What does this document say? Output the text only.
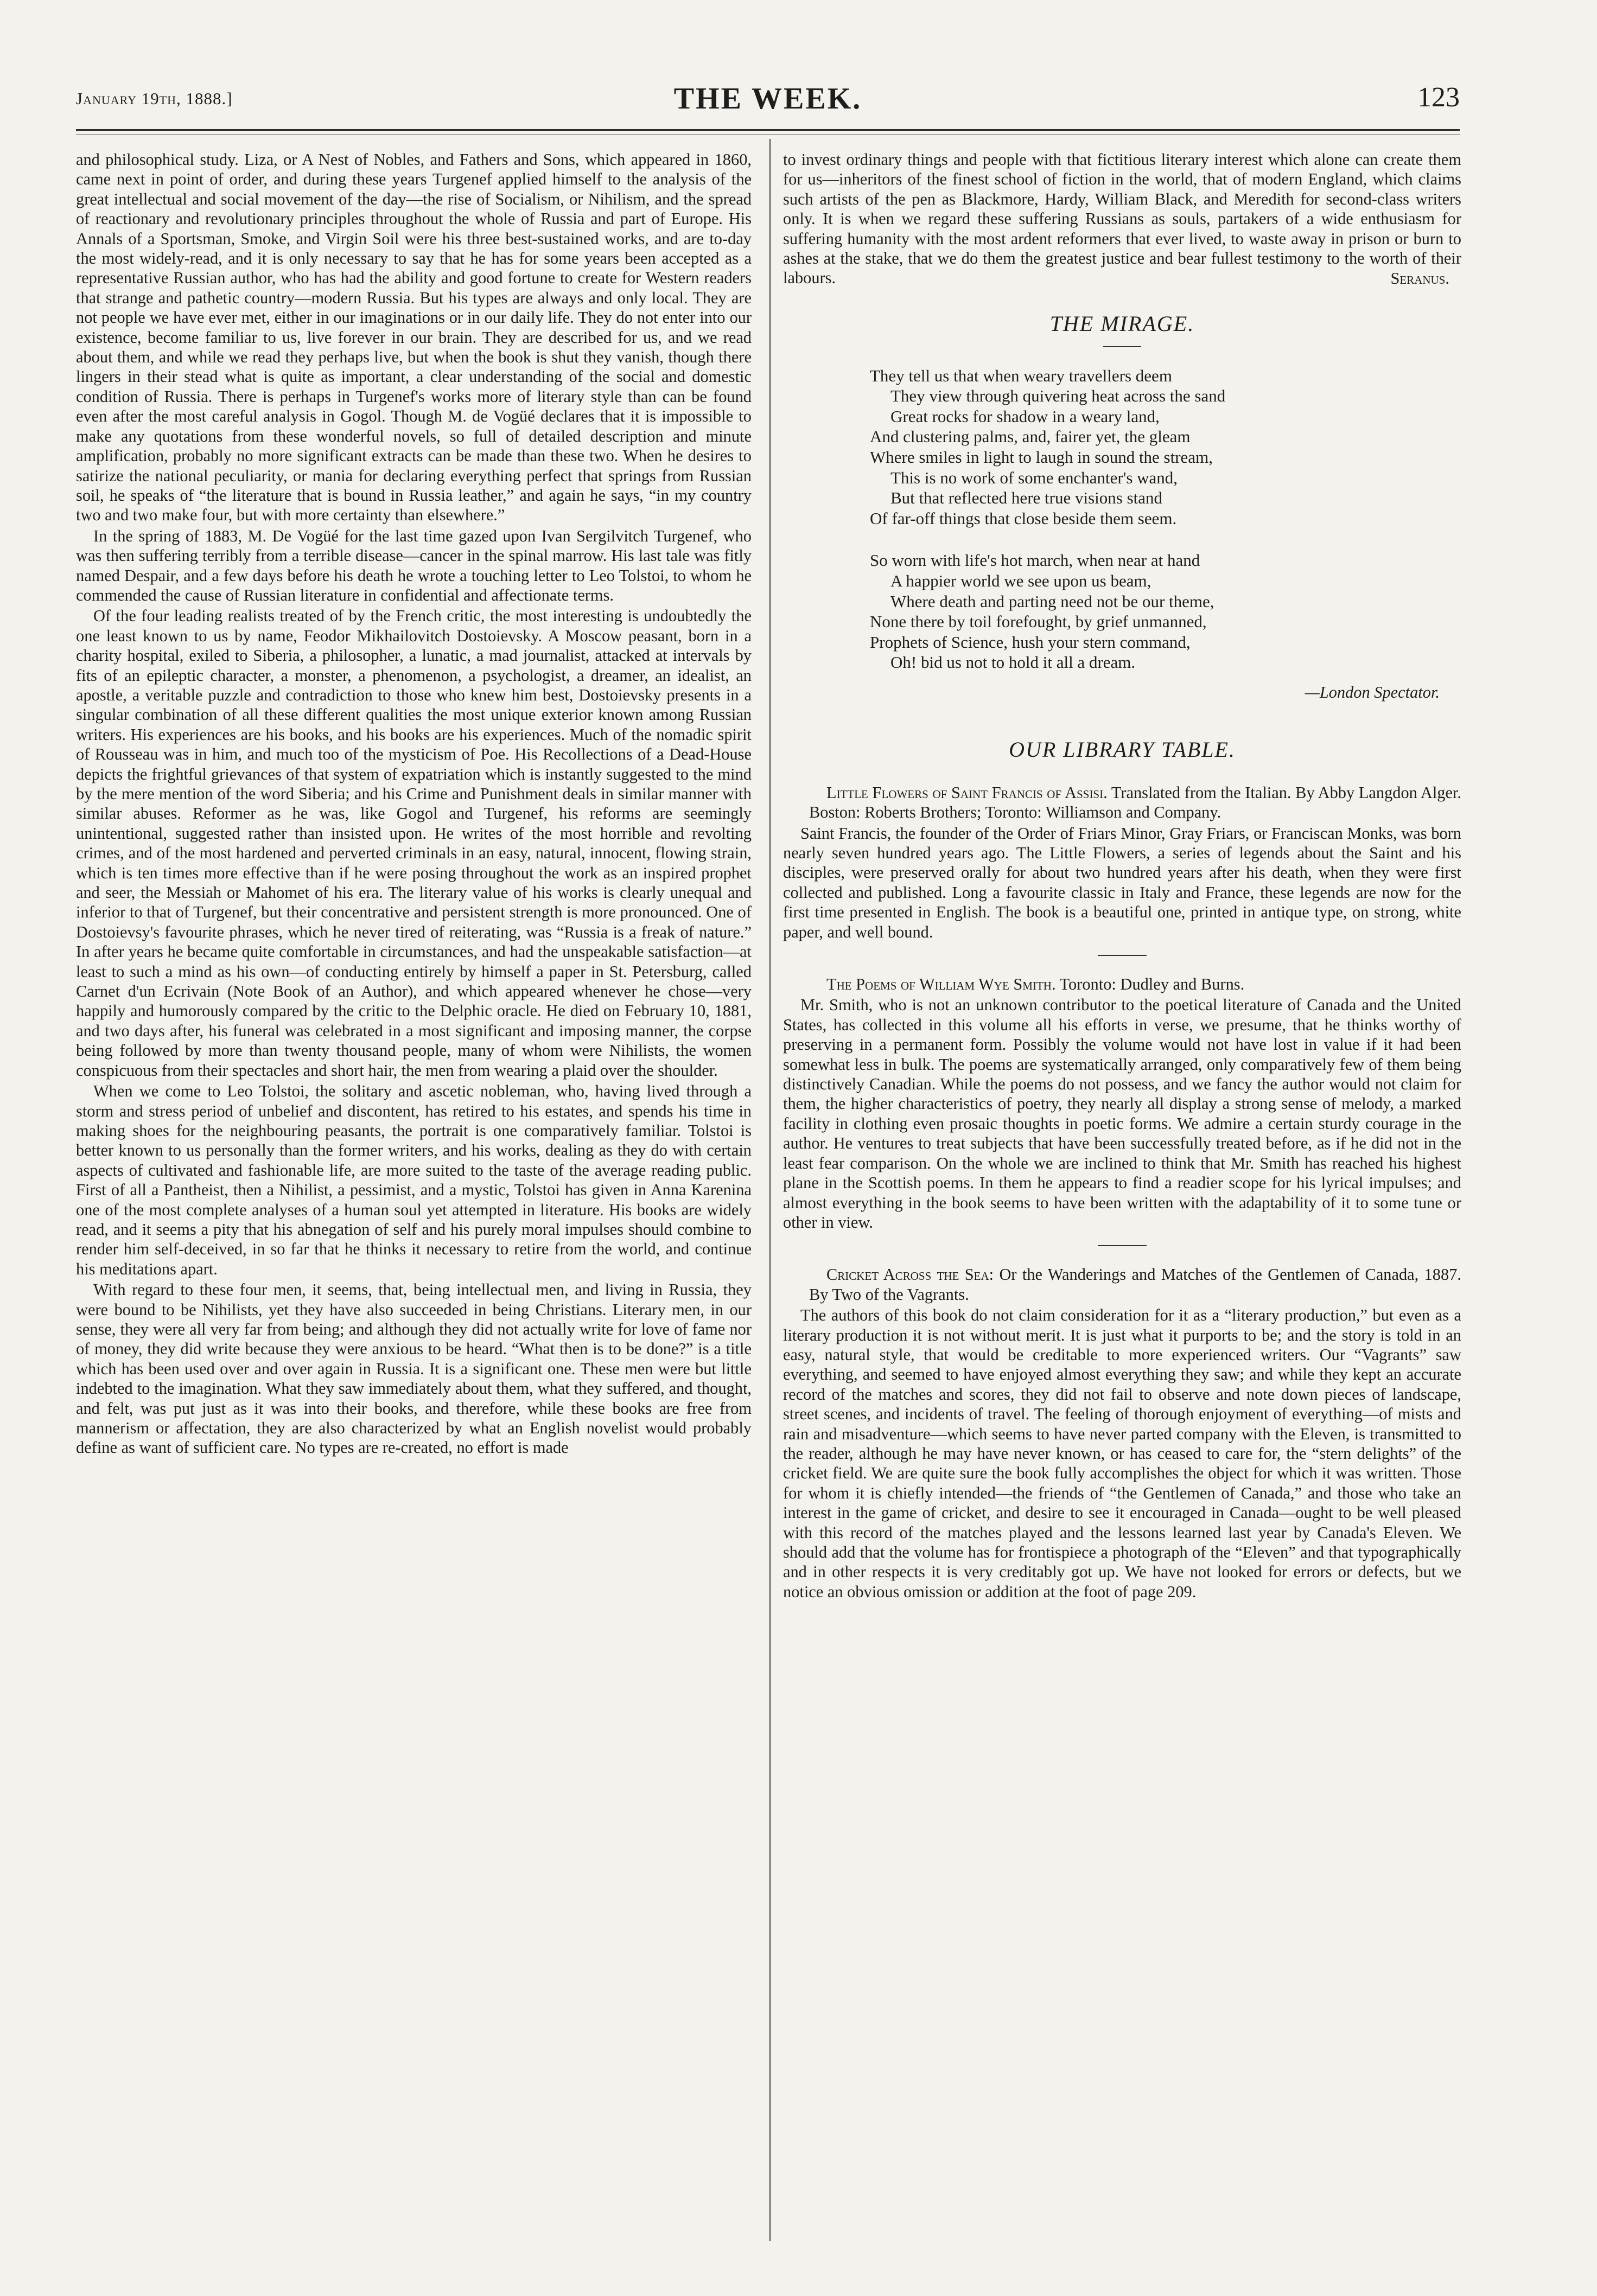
January 19th, 1888.]	THE WEEK.	123

and philosophical study. Liza, or A Nest of Nobles, and Fathers and Sons, which appeared in 1860, came next in point of order, and during these years Turgenef applied himself to the analysis of the great intellectual and social movement of the day—the rise of Socialism, or Nihilism, and the spread of reactionary and revolutionary principles throughout the whole of Russia and part of Europe. His Annals of a Sportsman, Smoke, and Virgin Soil were his three best-sustained works, and are to-day the most widely-read, and it is only necessary to say that he has for some years been accepted as a representative Russian author, who has had the ability and good fortune to create for Western readers that strange and pathetic country—modern Russia. But his types are always and only local. They are not people we have ever met, either in our imaginations or in our daily life. They do not enter into our existence, become familiar to us, live forever in our brain. They are described for us, and we read about them, and while we read they perhaps live, but when the book is shut they vanish, though there lingers in their stead what is quite as important, a clear understanding of the social and domestic condition of Russia. There is perhaps in Turgenef's works more of literary style than can be found even after the most careful analysis in Gogol. Though M. de Vogüé declares that it is impossible to make any quotations from these wonderful novels, so full of detailed description and minute amplification, probably no more significant extracts can be made than these two. When he desires to satirize the national peculiarity, or mania for declaring everything perfect that springs from Russian soil, he speaks of “the literature that is bound in Russia leather,” and again he says, “in my country two and two make four, but with more certainty than elsewhere.”

In the spring of 1883, M. De Vogüé for the last time gazed upon Ivan Sergilvitch Turgenef, who was then suffering terribly from a terrible disease—cancer in the spinal marrow. His last tale was fitly named Despair, and a few days before his death he wrote a touching letter to Leo Tolstoi, to whom he commended the cause of Russian literature in confidential and affectionate terms.

Of the four leading realists treated of by the French critic, the most interesting is undoubtedly the one least known to us by name, Feodor Mikhailovitch Dostoievsky. A Moscow peasant, born in a charity hospital, exiled to Siberia, a philosopher, a lunatic, a mad journalist, attacked at intervals by fits of an epileptic character, a monster, a phenomenon, a psychologist, a dreamer, an idealist, an apostle, a veritable puzzle and contradiction to those who knew him best, Dostoievsky presents in a singular combination of all these different qualities the most unique exterior known among Russian writers. His experiences are his books, and his books are his experiences. Much of the nomadic spirit of Rousseau was in him, and much too of the mysticism of Poe. His Recollections of a Dead-House depicts the frightful grievances of that system of expatriation which is instantly suggested to the mind by the mere mention of the word Siberia; and his Crime and Punishment deals in similar manner with similar abuses. Reformer as he was, like Gogol and Turgenef, his reforms are seemingly unintentional, suggested rather than insisted upon. He writes of the most horrible and revolting crimes, and of the most hardened and perverted criminals in an easy, natural, innocent, flowing strain, which is ten times more effective than if he were posing throughout the work as an inspired prophet and seer, the Messiah or Mahomet of his era. The literary value of his works is clearly unequal and inferior to that of Turgenef, but their concentrative and persistent strength is more pronounced. One of Dostoievsy's favourite phrases, which he never tired of reiterating, was “Russia is a freak of nature.” In after years he became quite comfortable in circumstances, and had the unspeakable satisfaction—at least to such a mind as his own—of conducting entirely by himself a paper in St. Petersburg, called Carnet d'un Ecrivain (Note Book of an Author), and which appeared whenever he chose—very happily and humorously compared by the critic to the Delphic oracle. He died on February 10, 1881, and two days after, his funeral was celebrated in a most significant and imposing manner, the corpse being followed by more than twenty thousand people, many of whom were Nihilists, the women conspicuous from their spectacles and short hair, the men from wearing a plaid over the shoulder.

When we come to Leo Tolstoi, the solitary and ascetic nobleman, who, having lived through a storm and stress period of unbelief and discontent, has retired to his estates, and spends his time in making shoes for the neighbouring peasants, the portrait is one comparatively familiar. Tolstoi is better known to us personally than the former writers, and his works, dealing as they do with certain aspects of cultivated and fashionable life, are more suited to the taste of the average reading public. First of all a Pantheist, then a Nihilist, a pessimist, and a mystic, Tolstoi has given in Anna Karenina one of the most complete analyses of a human soul yet attempted in literature. His books are widely read, and it seems a pity that his abnegation of self and his purely moral impulses should combine to render him self-deceived, in so far that he thinks it necessary to retire from the world, and continue his meditations apart.

With regard to these four men, it seems, that, being intellectual men, and living in Russia, they were bound to be Nihilists, yet they have also succeeded in being Christians. Literary men, in our sense, they were all very far from being; and although they did not actually write for love of fame nor of money, they did write because they were anxious to be heard. “What then is to be done?” is a title which has been used over and over again in Russia. It is a significant one. These men were but little indebted to the imagination. What they saw immediately about them, what they suffered, and thought, and felt, was put just as it was into their books, and therefore, while these books are free from mannerism or affectation, they are also characterized by what an English novelist would probably define as want of sufficient care. No types are re-created, no effort is made

to invest ordinary things and people with that fictitious literary interest which alone can create them for us—inheritors of the finest school of fiction in the world, that of modern England, which claims such artists of the pen as Blackmore, Hardy, William Black, and Meredith for second-class writers only. It is when we regard these suffering Russians as souls, partakers of a wide enthusiasm for suffering humanity with the most ardent reformers that ever lived, to waste away in prison or burn to ashes at the stake, that we do them the greatest justice and bear fullest testimony to the worth of their labours.	Seranus.
THE MIRAGE.
They tell us that when weary travellers deem
They view through quivering heat across the sand
Great rocks for shadow in a weary land,
And clustering palms, and, fairer yet, the gleam
Where smiles in light to laugh in sound the stream,
This is no work of some enchanter's wand,
But that reflected here true visions stand
Of far-off things that close beside them seem.
So worn with life's hot march, when near at hand
A happier world we see upon us beam,
Where death and parting need not be our theme,
None there by toil forefought, by grief unmanned,
Prophets of Science, hush your stern command,
Oh! bid us not to hold it all a dream.
—London Spectator.
OUR LIBRARY TABLE.

Little Flowers of Saint Francis of Assisi. Translated from the Italian. By Abby Langdon Alger. Boston: Roberts Brothers; Toronto: Williamson and Company.

Saint Francis, the founder of the Order of Friars Minor, Gray Friars, or Franciscan Monks, was born nearly seven hundred years ago. The Little Flowers, a series of legends about the Saint and his disciples, were preserved orally for about two hundred years after his death, when they were first collected and published. Long a favourite classic in Italy and France, these legends are now for the first time presented in English. The book is a beautiful one, printed in antique type, on strong, white paper, and well bound.

The Poems of William Wye Smith. Toronto: Dudley and Burns.

Mr. Smith, who is not an unknown contributor to the poetical literature of Canada and the United States, has collected in this volume all his efforts in verse, we presume, that he thinks worthy of preserving in a permanent form. Possibly the volume would not have lost in value if it had been somewhat less in bulk. The poems are systematically arranged, only comparatively few of them being distinctively Canadian. While the poems do not possess, and we fancy the author would not claim for them, the higher characteristics of poetry, they nearly all display a strong sense of melody, a marked facility in clothing even prosaic thoughts in poetic forms. We admire a certain sturdy courage in the author. He ventures to treat subjects that have been successfully treated before, as if he did not in the least fear comparison. On the whole we are inclined to think that Mr. Smith has reached his highest plane in the Scottish poems. In them he appears to find a readier scope for his lyrical impulses; and almost everything in the book seems to have been written with the adaptability of it to some tune or other in view.

Cricket Across the Sea: Or the Wanderings and Matches of the Gentlemen of Canada, 1887. By Two of the Vagrants.

The authors of this book do not claim consideration for it as a “literary production,” but even as a literary production it is not without merit. It is just what it purports to be; and the story is told in an easy, natural style, that would be creditable to more experienced writers. Our “Vagrants” saw everything, and seemed to have enjoyed almost everything they saw; and while they kept an accurate record of the matches and scores, they did not fail to observe and note down pieces of landscape, street scenes, and incidents of travel. The feeling of thorough enjoyment of everything—of mists and rain and misadventure—which seems to have never parted company with the Eleven, is transmitted to the reader, although he may have never known, or has ceased to care for, the “stern delights” of the cricket field. We are quite sure the book fully accomplishes the object for which it was written. Those for whom it is chiefly intended—the friends of “the Gentlemen of Canada,” and those who take an interest in the game of cricket, and desire to see it encouraged in Canada—ought to be well pleased with this record of the matches played and the lessons learned last year by Canada's Eleven. We should add that the volume has for frontispiece a photograph of the “Eleven” and that typographically and in other respects it is very creditably got up. We have not looked for errors or defects, but we notice an obvious omission or addition at the foot of page 209.
